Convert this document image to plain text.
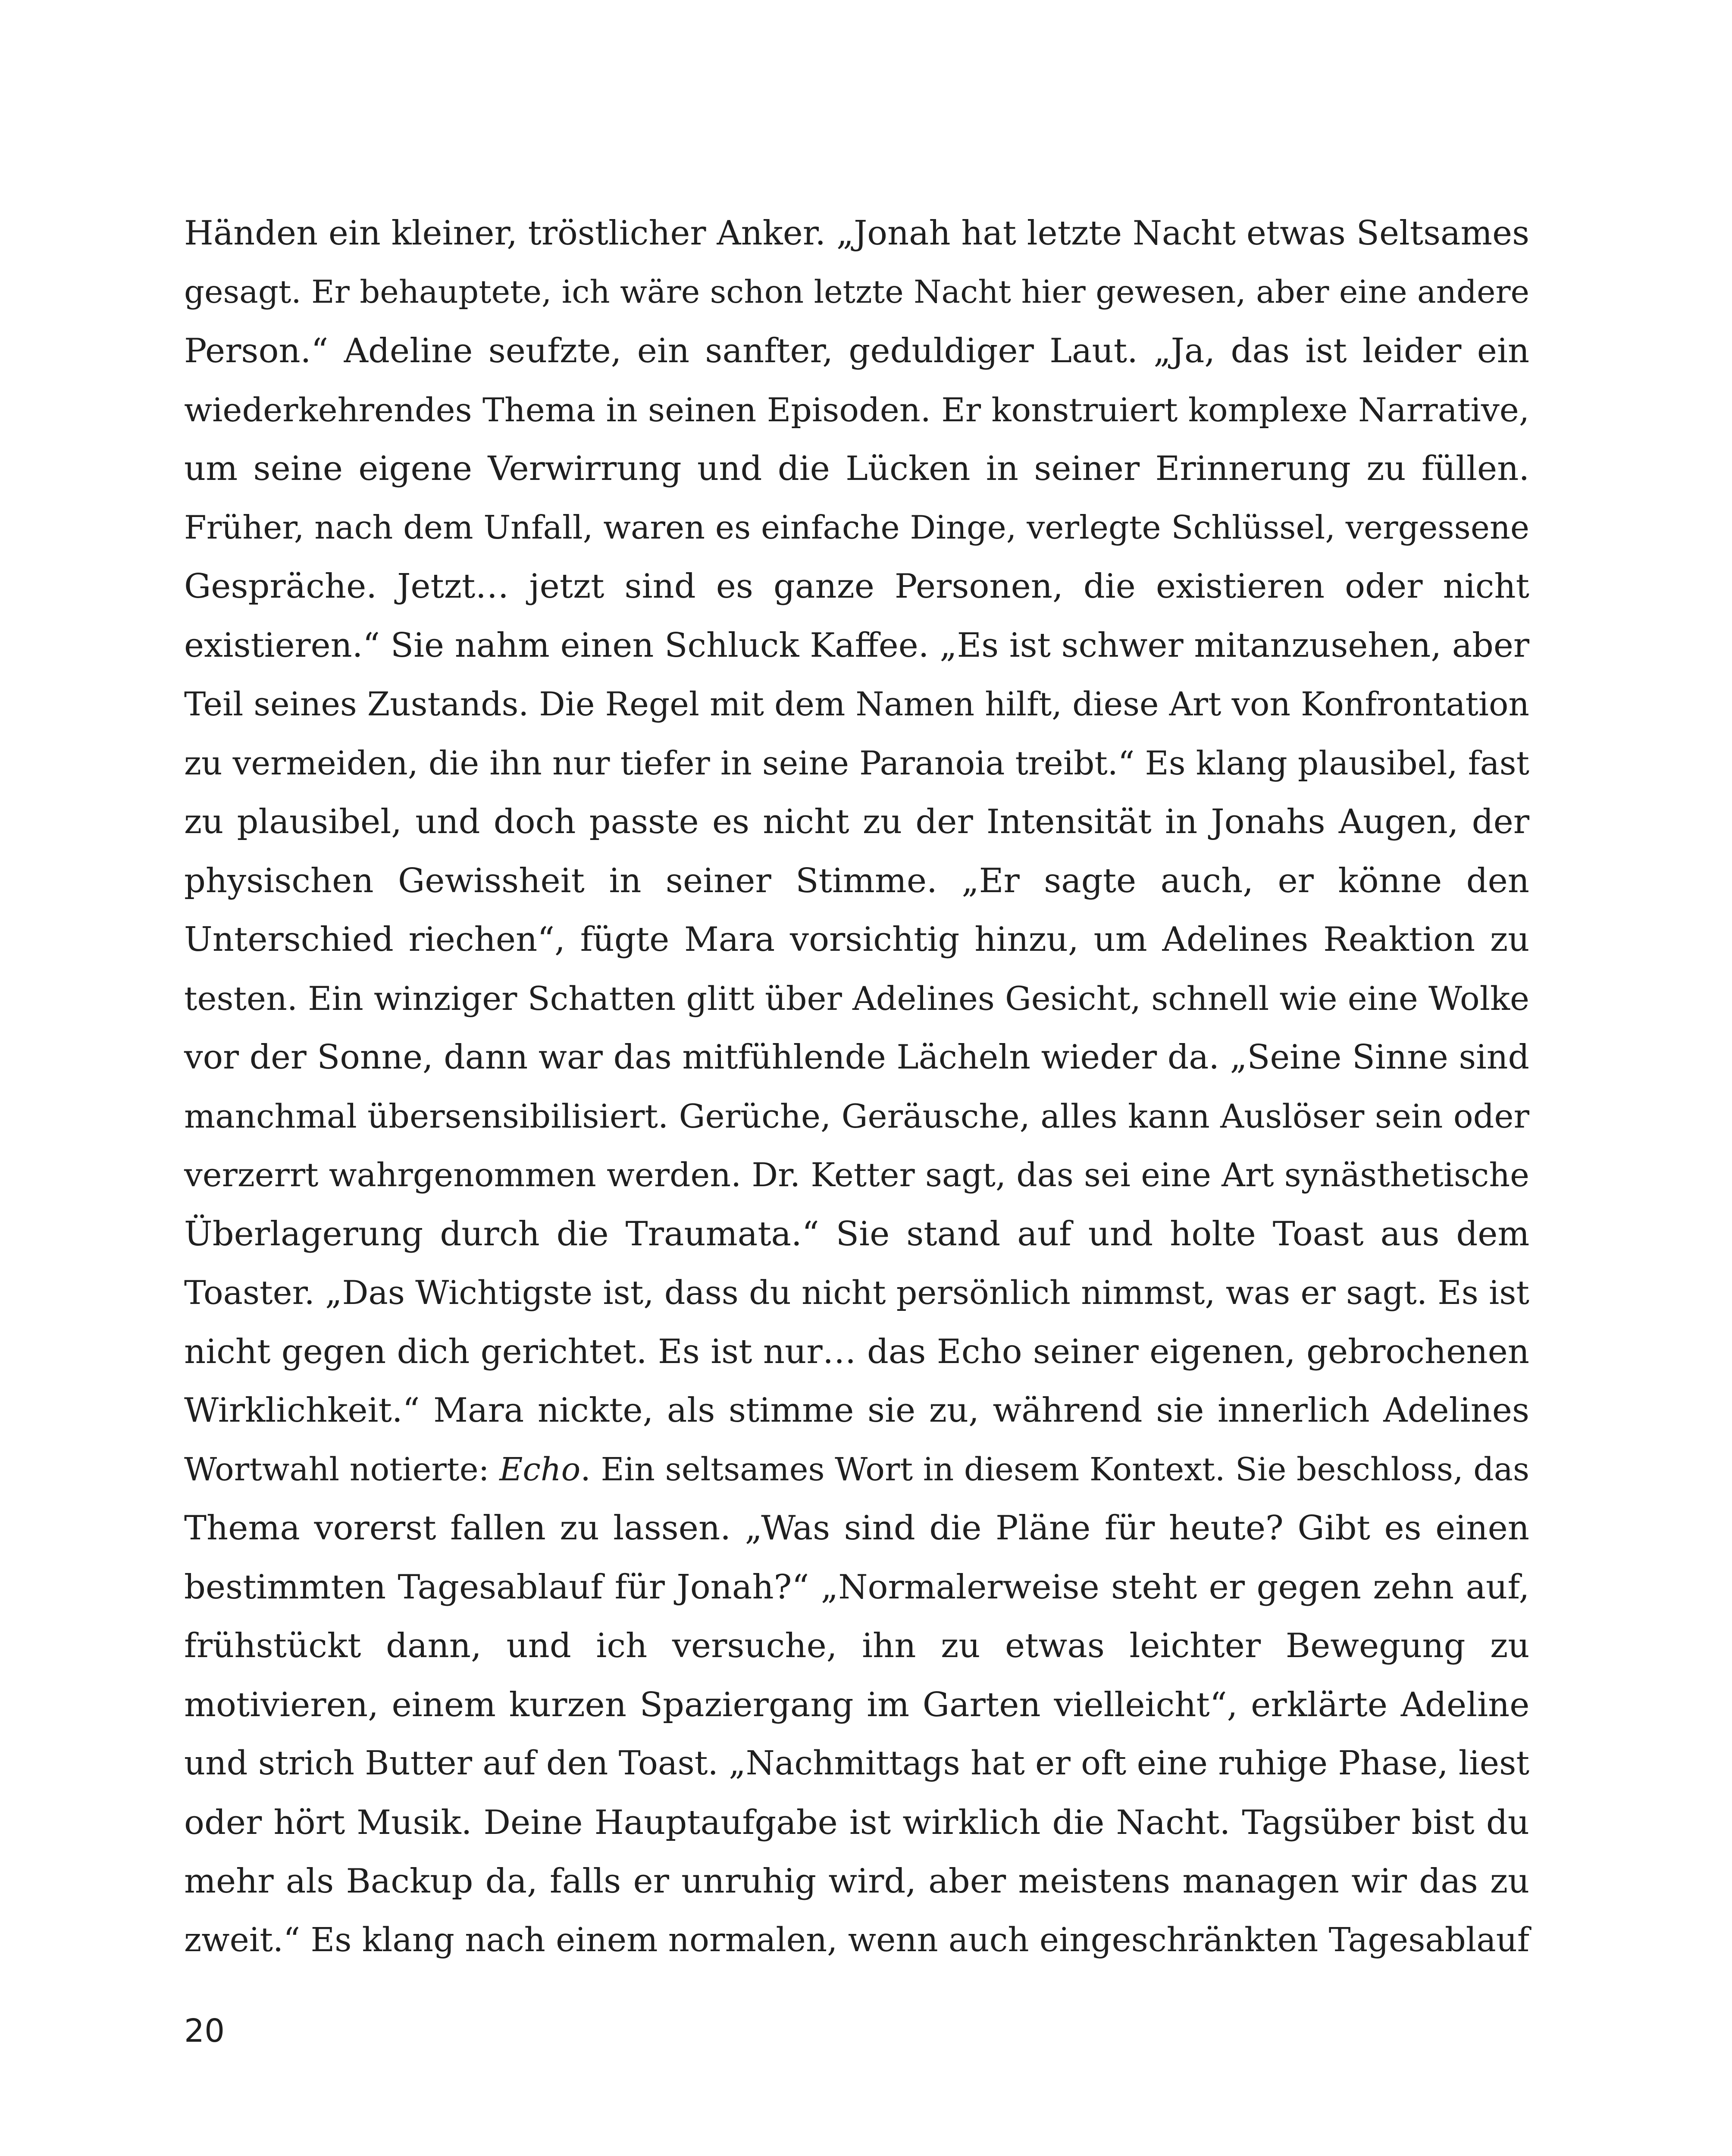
Händen ein kleiner, tröstlicher Anker. „Jonah hat letzte Nacht etwas Seltsames
gesagt. Er behauptete, ich wäre schon letzte Nacht hier gewesen, aber eine andere
Person.“ Adeline seufzte, ein sanfter, geduldiger Laut. „Ja, das ist leider ein
wiederkehrendes Thema in seinen Episoden. Er konstruiert komplexe Narrative,
um seine eigene Verwirrung und die Lücken in seiner Erinnerung zu füllen.
Früher, nach dem Unfall, waren es einfache Dinge, verlegte Schlüssel, vergessene
Gespräche. Jetzt… jetzt sind es ganze Personen, die existieren oder nicht
existieren.“ Sie nahm einen Schluck Kaffee. „Es ist schwer mitanzusehen, aber
Teil seines Zustands. Die Regel mit dem Namen hilft, diese Art von Konfrontation
zu vermeiden, die ihn nur tiefer in seine Paranoia treibt.“ Es klang plausibel, fast
zu plausibel, und doch passte es nicht zu der Intensität in Jonahs Augen, der
physischen Gewissheit in seiner Stimme. „Er sagte auch, er könne den
Unterschied riechen“, fügte Mara vorsichtig hinzu, um Adelines Reaktion zu
testen. Ein winziger Schatten glitt über Adelines Gesicht, schnell wie eine Wolke
vor der Sonne, dann war das mitfühlende Lächeln wieder da. „Seine Sinne sind
manchmal übersensibilisiert. Gerüche, Geräusche, alles kann Auslöser sein oder
verzerrt wahrgenommen werden. Dr. Ketter sagt, das sei eine Art synästhetische
Überlagerung durch die Traumata.“ Sie stand auf und holte Toast aus dem
Toaster. „Das Wichtigste ist, dass du nicht persönlich nimmst, was er sagt. Es ist
nicht gegen dich gerichtet. Es ist nur… das Echo seiner eigenen, gebrochenen
Wirklichkeit.“ Mara nickte, als stimme sie zu, während sie innerlich Adelines
Wortwahl notierte: Echo. Ein seltsames Wort in diesem Kontext. Sie beschloss, das
Thema vorerst fallen zu lassen. „Was sind die Pläne für heute? Gibt es einen
bestimmten Tagesablauf für Jonah?“ „Normalerweise steht er gegen zehn auf,
frühstückt dann, und ich versuche, ihn zu etwas leichter Bewegung zu
motivieren, einem kurzen Spaziergang im Garten vielleicht“, erklärte Adeline
und strich Butter auf den Toast. „Nachmittags hat er oft eine ruhige Phase, liest
oder hört Musik. Deine Hauptaufgabe ist wirklich die Nacht. Tagsüber bist du
mehr als Backup da, falls er unruhig wird, aber meistens managen wir das zu
zweit.“ Es klang nach einem normalen, wenn auch eingeschränkten Tagesablauf

20
